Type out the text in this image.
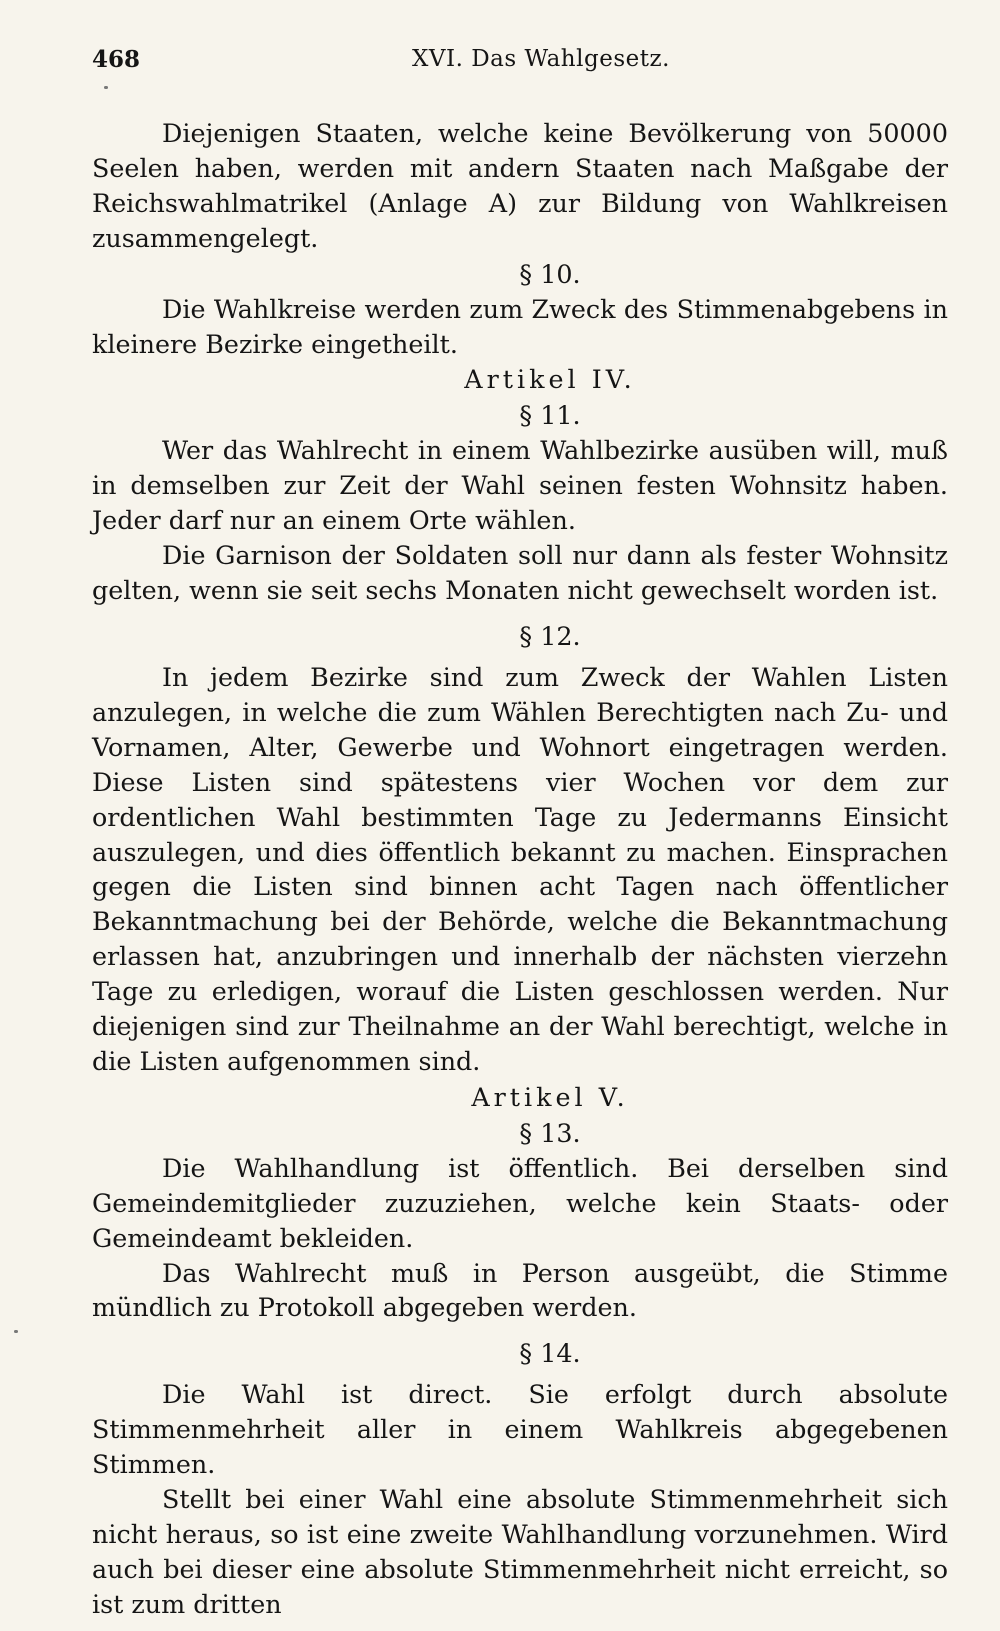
468	XVI. Das Wahlgesetz.

Diejenigen Staaten, welche keine Bevölkerung von 50000 Seelen haben, werden mit andern Staaten nach Maßgabe der Reichswahlmatrikel (Anlage A) zur Bildung von Wahlkreisen zusammengelegt.

§ 10.

Die Wahlkreise werden zum Zweck des Stimmenabgebens in kleinere Bezirke eingetheilt.

Artikel IV.

§ 11.

Wer das Wahlrecht in einem Wahlbezirke ausüben will, muß in demselben zur Zeit der Wahl seinen festen Wohnsitz haben. Jeder darf nur an einem Orte wählen.

Die Garnison der Soldaten soll nur dann als fester Wohnsitz gelten, wenn sie seit sechs Monaten nicht gewechselt worden ist.

§ 12.

In jedem Bezirke sind zum Zweck der Wahlen Listen anzulegen, in welche die zum Wählen Berechtigten nach Zu- und Vornamen, Alter, Gewerbe und Wohnort eingetragen werden. Diese Listen sind spätestens vier Wochen vor dem zur ordentlichen Wahl bestimmten Tage zu Jedermanns Einsicht auszulegen, und dies öffentlich bekannt zu machen. Einsprachen gegen die Listen sind binnen acht Tagen nach öffentlicher Bekanntmachung bei der Behörde, welche die Bekanntmachung erlassen hat, anzubringen und innerhalb der nächsten vierzehn Tage zu erledigen, worauf die Listen geschlossen werden. Nur diejenigen sind zur Theilnahme an der Wahl berechtigt, welche in die Listen aufgenommen sind.

Artikel V.

§ 13.

Die Wahlhandlung ist öffentlich. Bei derselben sind Gemeindemitglieder zuzuziehen, welche kein Staats- oder Gemeindeamt bekleiden.

Das Wahlrecht muß in Person ausgeübt, die Stimme mündlich zu Protokoll abgegeben werden.

§ 14.

Die Wahl ist direct. Sie erfolgt durch absolute Stimmenmehrheit aller in einem Wahlkreis abgegebenen Stimmen.

Stellt bei einer Wahl eine absolute Stimmenmehrheit sich nicht heraus, so ist eine zweite Wahlhandlung vorzunehmen. Wird auch bei dieser eine absolute Stimmenmehrheit nicht erreicht, so ist zum dritten
